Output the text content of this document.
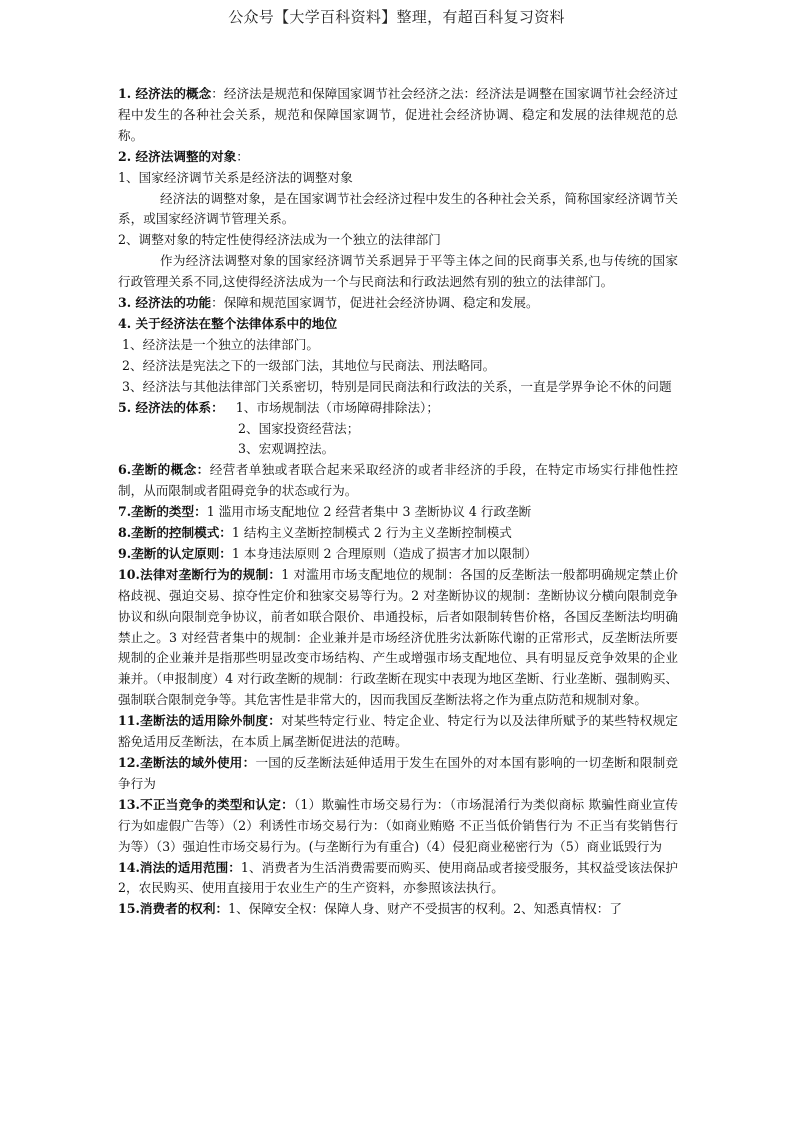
公众号【大学百科资料】整理，有超百科复习资料

1. 经济法的概念：经济法是规范和保障国家调节社会经济之法：经济法是调整在国家调节社会经济过程中发生的各种社会关系，规范和保障国家调节，促进社会经济协调、稳定和发展的法律规范的总称。

2. 经济法调整的对象：

1、国家经济调节关系是经济法的调整对象

经济法的调整对象，是在国家调节社会经济过程中发生的各种社会关系，简称国家经济调节关系，或国家经济调节管理关系。

2、调整对象的特定性使得经济法成为一个独立的法律部门

作为经济法调整对象的国家经济调节关系迥异于平等主体之间的民商事关系,也与传统的国家行政管理关系不同,这使得经济法成为一个与民商法和行政法迥然有别的独立的法律部门。

3. 经济法的功能：保障和规范国家调节，促进社会经济协调、稳定和发展。

4. 关于经济法在整个法律体系中的地位

1、经济法是一个独立的法律部门。

2、经济法是宪法之下的一级部门法，其地位与民商法、刑法略同。

3、经济法与其他法律部门关系密切，特别是同民商法和行政法的关系，一直是学界争论不休的问题

5. 经济法的体系： 1、市场规制法（市场障碍排除法）；

2、国家投资经营法；

3、宏观调控法。

6.垄断的概念：经营者单独或者联合起来采取经济的或者非经济的手段，在特定市场实行排他性控制，从而限制或者阻碍竞争的状态或行为。

7.垄断的类型：1 滥用市场支配地位 2 经营者集中 3 垄断协议 4 行政垄断

8.垄断的控制模式：1 结构主义垄断控制模式 2 行为主义垄断控制模式

9.垄断的认定原则：1 本身违法原则 2 合理原则（造成了损害才加以限制）

10.法律对垄断行为的规制：1 对滥用市场支配地位的规制：各国的反垄断法一般都明确规定禁止价格歧视、强迫交易、掠夺性定价和独家交易等行为。2 对垄断协议的规制：垄断协议分横向限制竞争协议和纵向限制竞争协议，前者如联合限价、串通投标，后者如限制转售价格，各国反垄断法均明确禁止之。3 对经营者集中的规制：企业兼并是市场经济优胜劣汰新陈代谢的正常形式，反垄断法所要规制的企业兼并是指那些明显改变市场结构、产生或增强市场支配地位、具有明显反竞争效果的企业兼并。（申报制度）4 对行政垄断的规制：行政垄断在现实中表现为地区垄断、行业垄断、强制购买、强制联合限制竞争等。其危害性是非常大的，因而我国反垄断法将之作为重点防范和规制对象。

11.垄断法的适用除外制度：对某些特定行业、特定企业、特定行为以及法律所赋予的某些特权规定豁免适用反垄断法，在本质上属垄断促进法的范畴。

12.垄断法的域外使用：一国的反垄断法延伸适用于发生在国外的对本国有影响的一切垄断和限制竞争行为

13.不正当竞争的类型和认定：（1）欺骗性市场交易行为：（市场混淆行为类似商标 欺骗性商业宣传行为如虚假广告等）（2）利诱性市场交易行为：（如商业贿赂 不正当低价销售行为 不正当有奖销售行为等）（3）强迫性市场交易行为。(与垄断行为有重合)（4）侵犯商业秘密行为（5）商业诋毁行为

14.消法的适用范围：1、消费者为生活消费需要而购买、使用商品或者接受服务，其权益受该法保护 2，农民购买、使用直接用于农业生产的生产资料，亦参照该法执行。

15.消费者的权利：1、保障安全权：保障人身、财产不受损害的权利。2、知悉真情权：了
